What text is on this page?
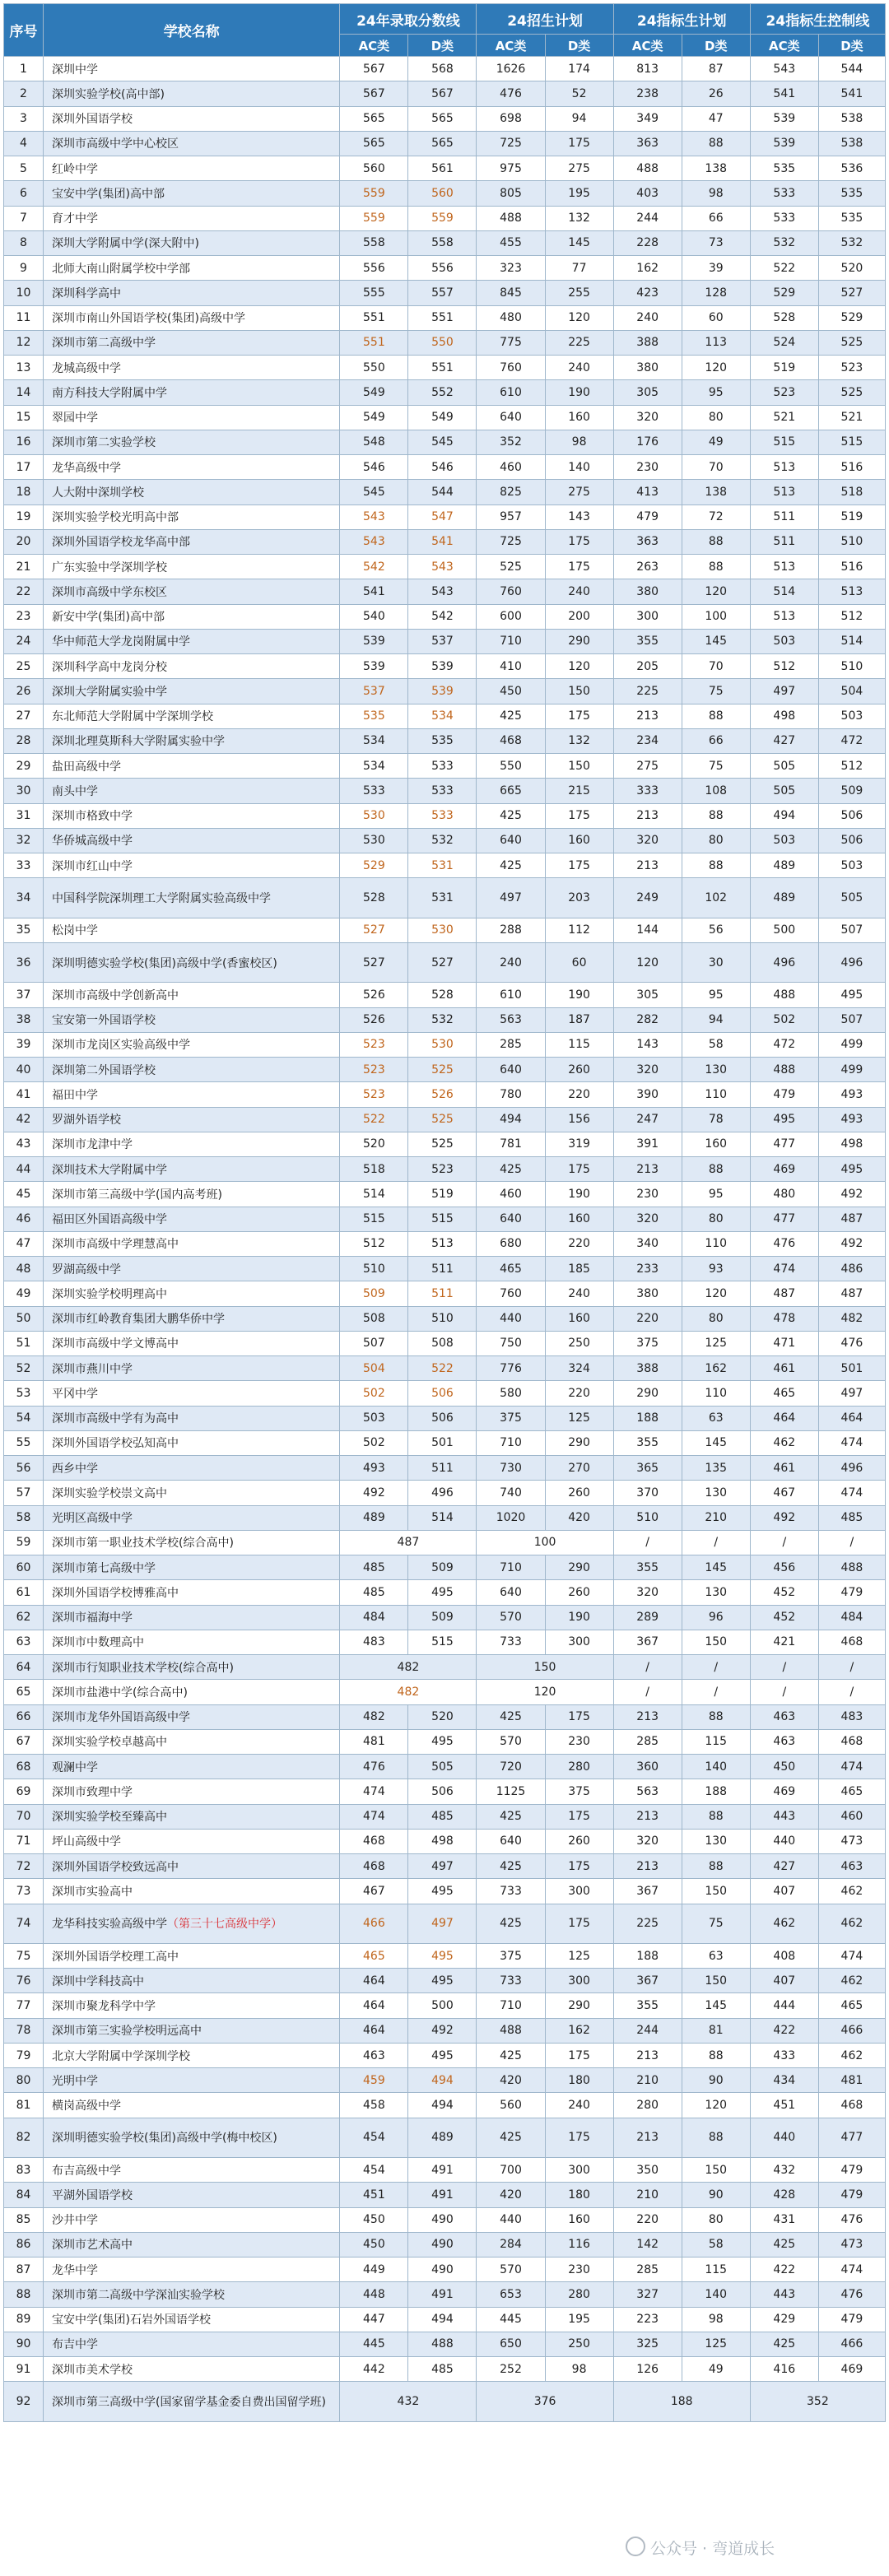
序号	学校名称	24年录取分数线		24招生计划		24指标生计划		24指标生控制线	
		AC类	D类	AC类	D类	AC类	D类	AC类	D类
1	深圳中学	567	568	1626	174	813	87	543	544
2	深圳实验学校(高中部)	567	567	476	52	238	26	541	541
3	深圳外国语学校	565	565	698	94	349	47	539	538
4	深圳市高级中学中心校区	565	565	725	175	363	88	539	538
5	红岭中学	560	561	975	275	488	138	535	536
6	宝安中学(集团)高中部	559	560	805	195	403	98	533	535
7	育才中学	559	559	488	132	244	66	533	535
8	深圳大学附属中学(深大附中)	558	558	455	145	228	73	532	532
9	北师大南山附属学校中学部	556	556	323	77	162	39	522	520
10	深圳科学高中	555	557	845	255	423	128	529	527
11	深圳市南山外国语学校(集团)高级中学	551	551	480	120	240	60	528	529
12	深圳市第二高级中学	551	550	775	225	388	113	524	525
13	龙城高级中学	550	551	760	240	380	120	519	523
14	南方科技大学附属中学	549	552	610	190	305	95	523	525
15	翠园中学	549	549	640	160	320	80	521	521
16	深圳市第二实验学校	548	545	352	98	176	49	515	515
17	龙华高级中学	546	546	460	140	230	70	513	516
18	人大附中深圳学校	545	544	825	275	413	138	513	518
19	深圳实验学校光明高中部	543	547	957	143	479	72	511	519
20	深圳外国语学校龙华高中部	543	541	725	175	363	88	511	510
21	广东实验中学深圳学校	542	543	525	175	263	88	513	516
22	深圳市高级中学东校区	541	543	760	240	380	120	514	513
23	新安中学(集团)高中部	540	542	600	200	300	100	513	512
24	华中师范大学龙岗附属中学	539	537	710	290	355	145	503	514
25	深圳科学高中龙岗分校	539	539	410	120	205	70	512	510
26	深圳大学附属实验中学	537	539	450	150	225	75	497	504
27	东北师范大学附属中学深圳学校	535	534	425	175	213	88	498	503
28	深圳北理莫斯科大学附属实验中学	534	535	468	132	234	66	427	472
29	盐田高级中学	534	533	550	150	275	75	505	512
30	南头中学	533	533	665	215	333	108	505	509
31	深圳市格致中学	530	533	425	175	213	88	494	506
32	华侨城高级中学	530	532	640	160	320	80	503	506
33	深圳市红山中学	529	531	425	175	213	88	489	503
34	中国科学院深圳理工大学附属实验高级中学	528	531	497	203	249	102	489	505
35	松岗中学	527	530	288	112	144	56	500	507
36	深圳明德实验学校(集团)高级中学(香蜜校区)	527	527	240	60	120	30	496	496
37	深圳市高级中学创新高中	526	528	610	190	305	95	488	495
38	宝安第一外国语学校	526	532	563	187	282	94	502	507
39	深圳市龙岗区实验高级中学	523	530	285	115	143	58	472	499
40	深圳第二外国语学校	523	525	640	260	320	130	488	499
41	福田中学	523	526	780	220	390	110	479	493
42	罗湖外语学校	522	525	494	156	247	78	495	493
43	深圳市龙津中学	520	525	781	319	391	160	477	498
44	深圳技术大学附属中学	518	523	425	175	213	88	469	495
45	深圳市第三高级中学(国内高考班)	514	519	460	190	230	95	480	492
46	福田区外国语高级中学	515	515	640	160	320	80	477	487
47	深圳市高级中学理慧高中	512	513	680	220	340	110	476	492
48	罗湖高级中学	510	511	465	185	233	93	474	486
49	深圳实验学校明理高中	509	511	760	240	380	120	487	487
50	深圳市红岭教育集团大鹏华侨中学	508	510	440	160	220	80	478	482
51	深圳市高级中学文博高中	507	508	750	250	375	125	471	476
52	深圳市燕川中学	504	522	776	324	388	162	461	501
53	平冈中学	502	506	580	220	290	110	465	497
54	深圳市高级中学有为高中	503	506	375	125	188	63	464	464
55	深圳外国语学校弘知高中	502	501	710	290	355	145	462	474
56	西乡中学	493	511	730	270	365	135	461	496
57	深圳实验学校崇文高中	492	496	740	260	370	130	467	474
58	光明区高级中学	489	514	1020	420	510	210	492	485
59	深圳市第一职业技术学校(综合高中)	487		100		/	/	/	/
60	深圳市第七高级中学	485	509	710	290	355	145	456	488
61	深圳外国语学校博雅高中	485	495	640	260	320	130	452	479
62	深圳市福海中学	484	509	570	190	289	96	452	484
63	深圳市中数理高中	483	515	733	300	367	150	421	468
64	深圳市行知职业技术学校(综合高中)	482		150		/	/	/	/
65	深圳市盐港中学(综合高中)	482		120		/	/	/	/
66	深圳市龙华外国语高级中学	482	520	425	175	213	88	463	483
67	深圳实验学校卓越高中	481	495	570	230	285	115	463	468
68	观澜中学	476	505	720	280	360	140	450	474
69	深圳市致理中学	474	506	1125	375	563	188	469	465
70	深圳实验学校至臻高中	474	485	425	175	213	88	443	460
71	坪山高级中学	468	498	640	260	320	130	440	473
72	深圳外国语学校致远高中	468	497	425	175	213	88	427	463
73	深圳市实验高中	467	495	733	300	367	150	407	462
74	龙华科技实验高级中学（第三十七高级中学）	466	497	425	175	225	75	462	462
75	深圳外国语学校理工高中	465	495	375	125	188	63	408	474
76	深圳中学科技高中	464	495	733	300	367	150	407	462
77	深圳市聚龙科学中学	464	500	710	290	355	145	444	465
78	深圳市第三实验学校明远高中	464	492	488	162	244	81	422	466
79	北京大学附属中学深圳学校	463	495	425	175	213	88	433	462
80	光明中学	459	494	420	180	210	90	434	481
81	横岗高级中学	458	494	560	240	280	120	451	468
82	深圳明德实验学校(集团)高级中学(梅中校区)	454	489	425	175	213	88	440	477
83	布吉高级中学	454	491	700	300	350	150	432	479
84	平湖外国语学校	451	491	420	180	210	90	428	479
85	沙井中学	450	490	440	160	220	80	431	476
86	深圳市艺术高中	450	490	284	116	142	58	425	473
87	龙华中学	449	490	570	230	285	115	422	474
88	深圳市第二高级中学深汕实验学校	448	491	653	280	327	140	443	476
89	宝安中学(集团)石岩外国语学校	447	494	445	195	223	98	429	479
90	布吉中学	445	488	650	250	325	125	425	466
91	深圳市美术学校	442	485	252	98	126	49	416	469
92	深圳市第三高级中学(国家留学基金委自费出国留学班)	432		376		188		352	
公众号 · 弯道成长
